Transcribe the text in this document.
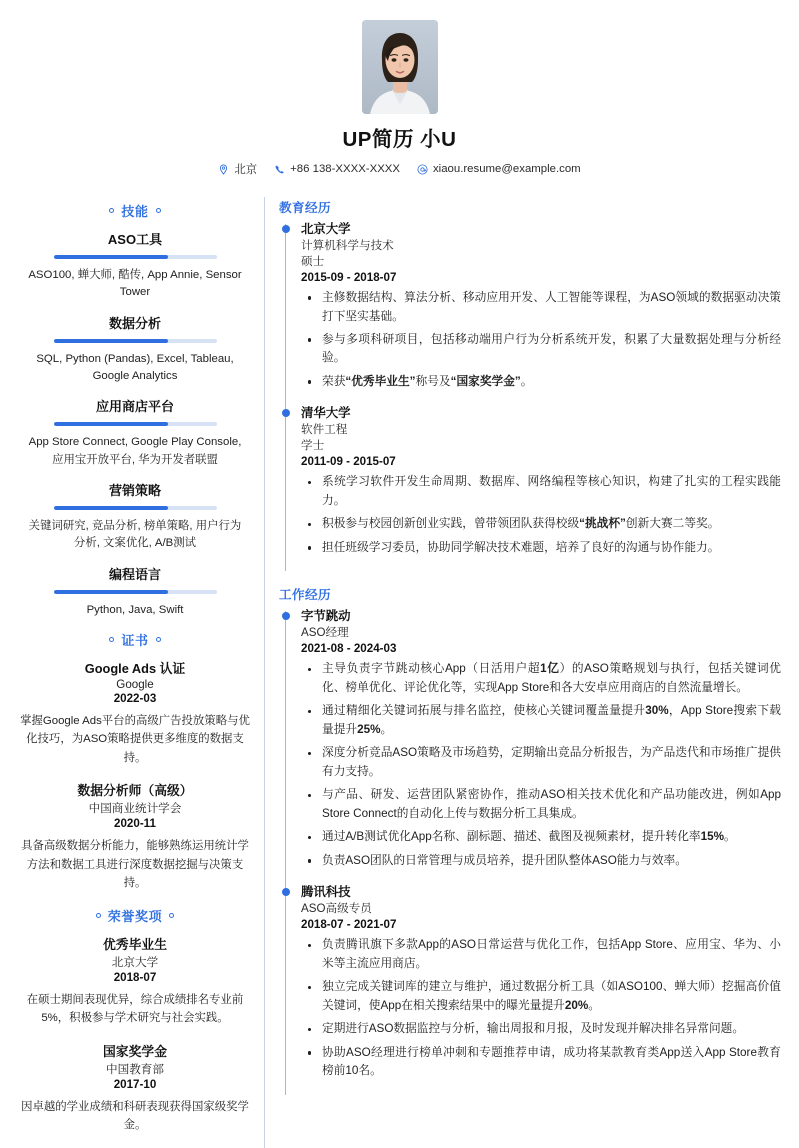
UP简历 小U
北京	+86 138-XXXX-XXXX	xiaou.resume@example.com
技能
ASO工具
ASO100, 蝉大师, 酷传, App Annie, Sensor Tower
数据分析
SQL, Python (Pandas), Excel, Tableau, Google Analytics
应用商店平台
App Store Connect, Google Play Console, 应用宝开放平台, 华为开发者联盟
营销策略
关键词研究, 竞品分析, 榜单策略, 用户行为分析, 文案优化, A/B测试
编程语言
Python, Java, Swift
证书
Google Ads 认证
Google
2022-03
掌握Google Ads平台的高级广告投放策略与优化技巧，为ASO策略提供更多维度的数据支持。
数据分析师（高级）
中国商业统计学会
2020-11
具备高级数据分析能力，能够熟练运用统计学方法和数据工具进行深度数据挖掘与决策支持。
荣誉奖项
优秀毕业生
北京大学
2018-07
在硕士期间表现优异，综合成绩排名专业前5%，积极参与学术研究与社会实践。
国家奖学金
中国教育部
2017-10
因卓越的学业成绩和科研表现获得国家级奖学金。
教育经历
北京大学
计算机科学与技术
硕士
2015-09 - 2018-07
主修数据结构、算法分析、移动应用开发、人工智能等课程，为ASO领域的数据驱动决策打下坚实基础。
参与多项科研项目，包括移动端用户行为分析系统开发，积累了大量数据处理与分析经验。
荣获“优秀毕业生”称号及“国家奖学金”。
清华大学
软件工程
学士
2011-09 - 2015-07
系统学习软件开发生命周期、数据库、网络编程等核心知识，构建了扎实的工程实践能力。
积极参与校园创新创业实践，曾带领团队获得校级“挑战杯”创新大赛二等奖。
担任班级学习委员，协助同学解决技术难题，培养了良好的沟通与协作能力。
工作经历
字节跳动
ASO经理
2021-08 - 2024-03
主导负责字节跳动核心App（日活用户超1亿）的ASO策略规划与执行，包括关键词优化、榜单优化、评论优化等，实现App Store和各大安卓应用商店的自然流量增长。
通过精细化关键词拓展与排名监控，使核心关键词覆盖量提升30%，App Store搜索下载量提升25%。
深度分析竞品ASO策略及市场趋势，定期输出竞品分析报告，为产品迭代和市场推广提供有力支持。
与产品、研发、运营团队紧密协作，推动ASO相关技术优化和产品功能改进，例如App Store Connect的自动化上传与数据分析工具集成。
通过A/B测试优化App名称、副标题、描述、截图及视频素材，提升转化率15%。
负责ASO团队的日常管理与成员培养，提升团队整体ASO能力与效率。
腾讯科技
ASO高级专员
2018-07 - 2021-07
负责腾讯旗下多款App的ASO日常运营与优化工作，包括App Store、应用宝、华为、小米等主流应用商店。
独立完成关键词库的建立与维护，通过数据分析工具（如ASO100、蝉大师）挖掘高价值关键词，使App在相关搜索结果中的曝光量提升20%。
定期进行ASO数据监控与分析，输出周报和月报，及时发现并解决排名异常问题。
协助ASO经理进行榜单冲刺和专题推荐申请，成功将某款教育类App送入App Store教育榜前10名。
